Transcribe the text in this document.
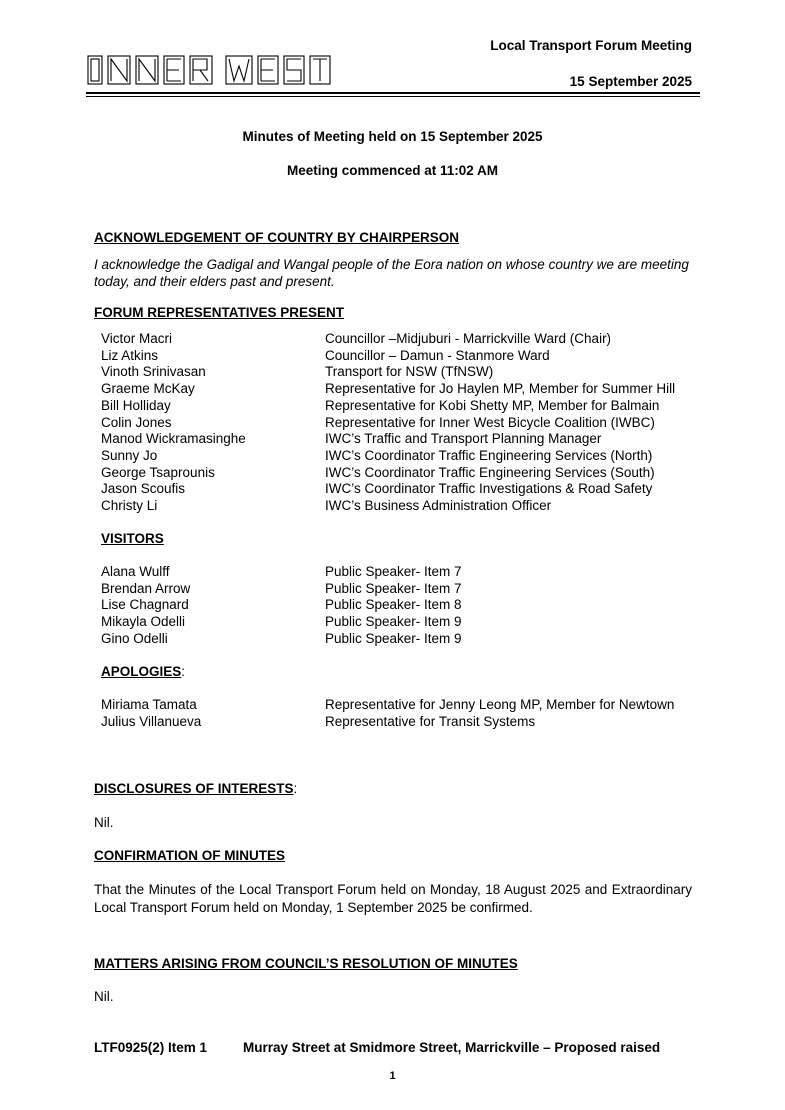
Local Transport Forum Meeting
15 September 2025
Minutes of Meeting held on 15 September 2025
Meeting commenced at 11:02 AM
ACKNOWLEDGEMENT OF COUNTRY BY CHAIRPERSON
I acknowledge the Gadigal and Wangal people of the Eora nation on whose country we are meeting today, and their elders past and present.
FORUM REPRESENTATIVES PRESENT
Victor Macri	Councillor –Midjuburi - Marrickville Ward (Chair)
Liz Atkins	Councillor – Damun - Stanmore Ward
Vinoth Srinivasan	Transport for NSW (TfNSW)
Graeme McKay	Representative for Jo Haylen MP, Member for Summer Hill
Bill Holliday	Representative for Kobi Shetty MP, Member for Balmain
Colin Jones	Representative for Inner West Bicycle Coalition (IWBC)
Manod Wickramasinghe	IWC’s Traffic and Transport Planning Manager
Sunny Jo	IWC’s Coordinator Traffic Engineering Services (North)
George Tsaprounis	IWC’s Coordinator Traffic Engineering Services (South)
Jason Scoufis	IWC’s Coordinator Traffic Investigations & Road Safety
Christy Li	IWC’s Business Administration Officer
VISITORS
Alana Wulff	Public Speaker- Item 7
Brendan Arrow	Public Speaker- Item 7
Lise Chagnard	Public Speaker- Item 8
Mikayla Odelli	Public Speaker- Item 9
Gino Odelli	Public Speaker- Item 9
APOLOGIES:
Miriama Tamata	Representative for Jenny Leong MP, Member for Newtown
Julius Villanueva	Representative for Transit Systems
DISCLOSURES OF INTERESTS:
Nil.
CONFIRMATION OF MINUTES
That the Minutes of the Local Transport Forum held on Monday, 18 August 2025 and Extraordinary Local Transport Forum held on Monday, 1 September 2025 be confirmed.
MATTERS ARISING FROM COUNCIL’S RESOLUTION OF MINUTES
Nil.
LTF0925(2) Item 1	Murray Street at Smidmore Street, Marrickville – Proposed raised
1
